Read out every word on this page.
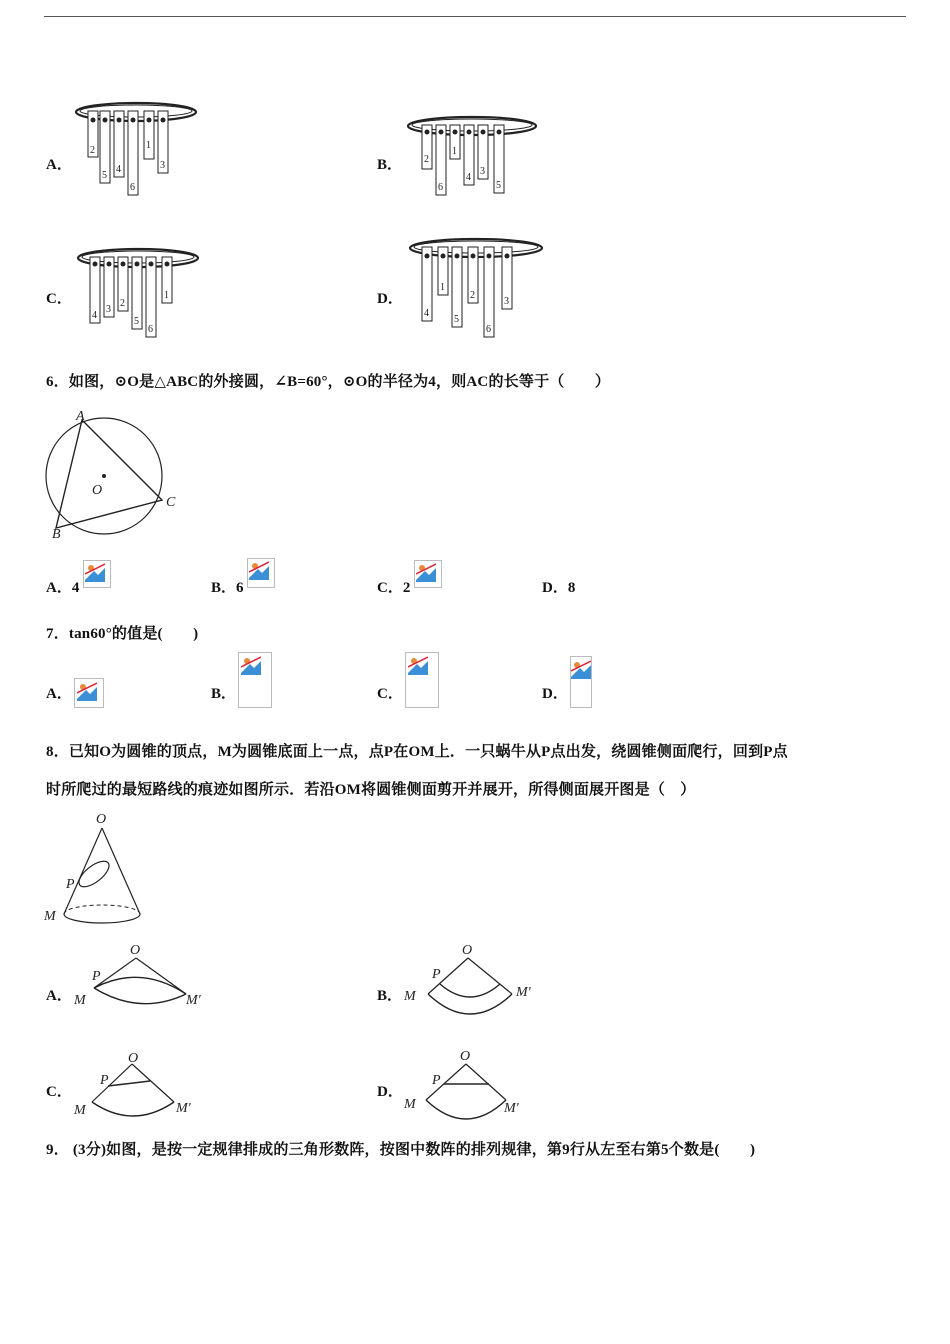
A．	B．
C．	D．
2
5
4
6
1
3
2
6
1
4
3
5
4
3
2
5
6
1
4
1
5
2
6
3
6．如图，⊙O是△ABC的外接圆，∠B=60°，⊙O的半径为4，则AC的长等于（　　）
A
B
C
O
A．4	B．6	C．2	D．8
7．tan60°的值是(　　)
A．	B．	C．	D．
8．已知O为圆锥的顶点，M为圆锥底面上一点，点P在OM上．一只蜗牛从P点出发，绕圆锥侧面爬行，回到P点
时所爬过的最短路线的痕迹如图所示．若沿OM将圆锥侧面剪开并展开，所得侧面展开图是（　）
O
P
M
A．
O
P
M	M′	B．
O
P
M	M′
C．
O
P
M	M′
D．
O
P
M	M′
9． (3分)如图，是按一定规律排成的三角形数阵，按图中数阵的排列规律，第9行从左至右第5个数是(　　)
